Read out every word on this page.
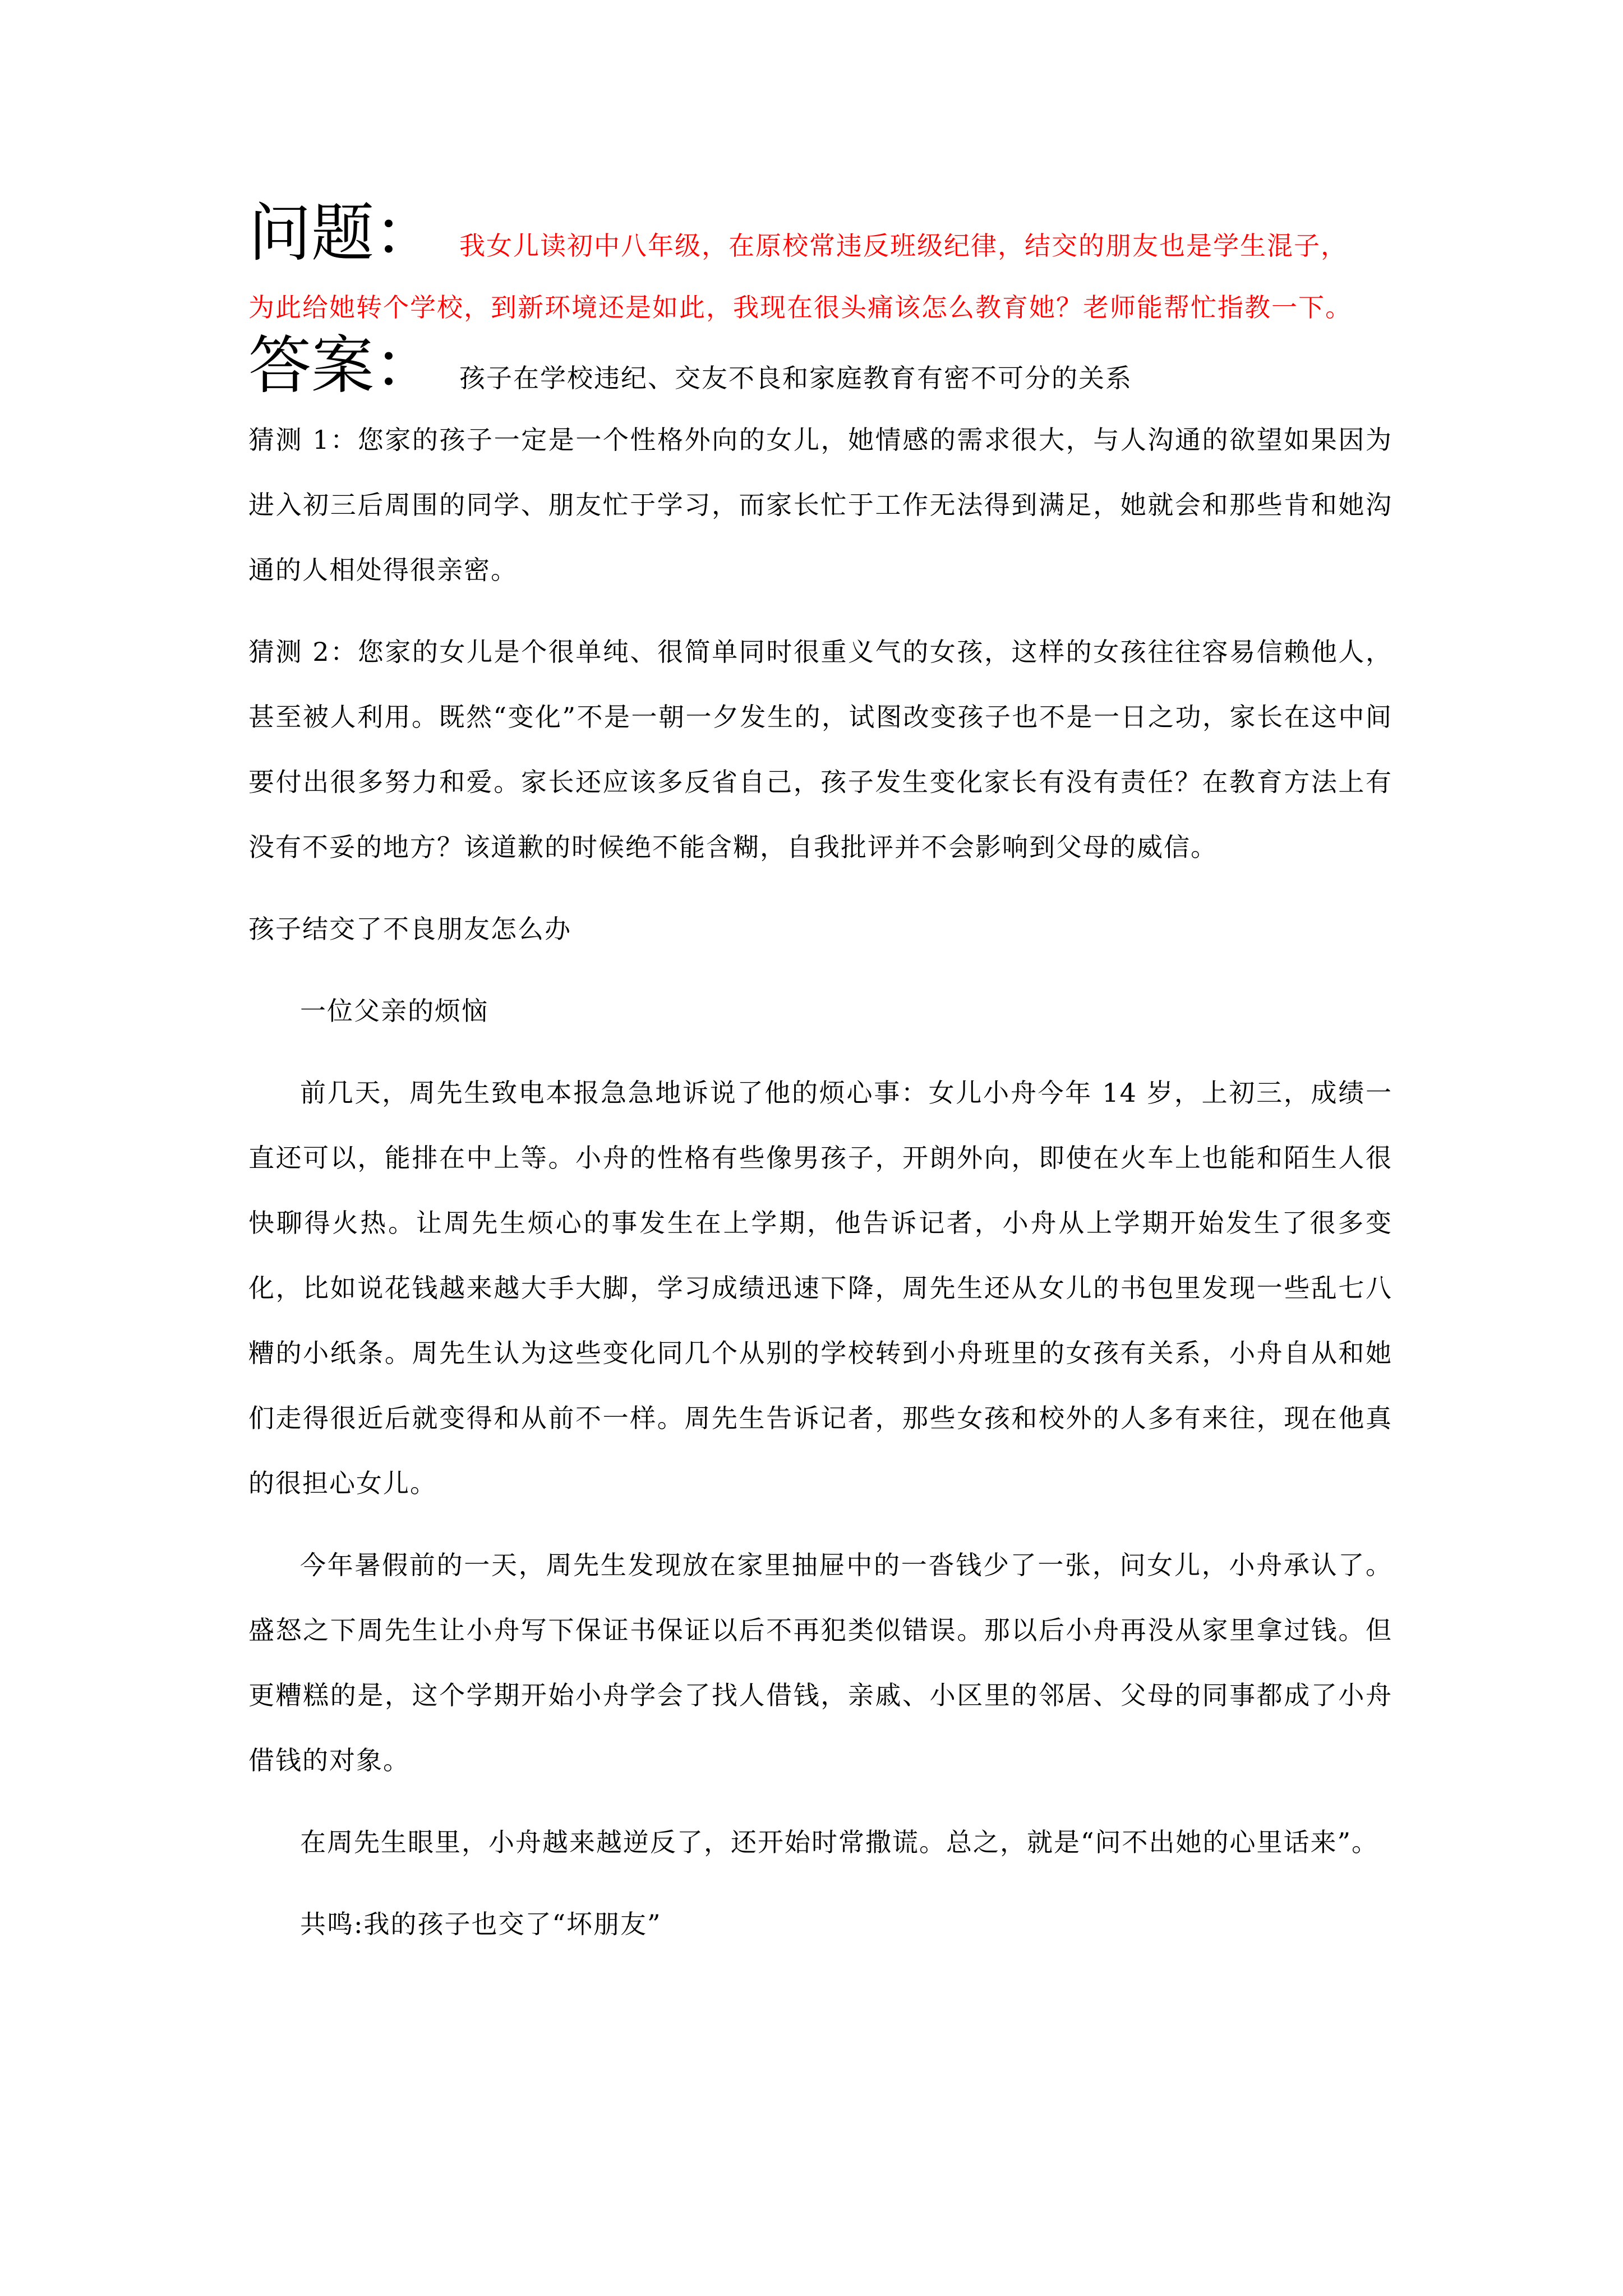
问题： 我女儿读初中八年级，在原校常违反班级纪律，结交的朋友也是学生混子，
为此给她转个学校，到新环境还是如此，我现在很头痛该怎么教育她？老师能帮忙指教一下。
答案： 孩子在学校违纪、交友不良和家庭教育有密不可分的关系

猜测 1：您家的孩子一定是一个性格外向的女儿，她情感的需求很大，与人沟通的欲望如果因为进入初三后周围的同学、朋友忙于学习，而家长忙于工作无法得到满足，她就会和那些肯和她沟通的人相处得很亲密。

猜测 2：您家的女儿是个很单纯、很简单同时很重义气的女孩，这样的女孩往往容易信赖他人，甚至被人利用。既然“变化”不是一朝一夕发生的，试图改变孩子也不是一日之功，家长在这中间要付出很多努力和爱。家长还应该多反省自己，孩子发生变化家长有没有责任？在教育方法上有没有不妥的地方？该道歉的时候绝不能含糊，自我批评并不会影响到父母的威信。

孩子结交了不良朋友怎么办

一位父亲的烦恼

前几天，周先生致电本报急急地诉说了他的烦心事：女儿小舟今年 14 岁，上初三，成绩一直还可以，能排在中上等。小舟的性格有些像男孩子，开朗外向，即使在火车上也能和陌生人很快聊得火热。让周先生烦心的事发生在上学期，他告诉记者，小舟从上学期开始发生了很多变化，比如说花钱越来越大手大脚，学习成绩迅速下降，周先生还从女儿的书包里发现一些乱七八糟的小纸条。周先生认为这些变化同几个从别的学校转到小舟班里的女孩有关系，小舟自从和她们走得很近后就变得和从前不一样。周先生告诉记者，那些女孩和校外的人多有来往，现在他真的很担心女儿。

今年暑假前的一天，周先生发现放在家里抽屉中的一沓钱少了一张，问女儿，小舟承认了。盛怒之下周先生让小舟写下保证书保证以后不再犯类似错误。那以后小舟再没从家里拿过钱。但更糟糕的是，这个学期开始小舟学会了找人借钱，亲戚、小区里的邻居、父母的同事都成了小舟借钱的对象。

在周先生眼里，小舟越来越逆反了，还开始时常撒谎。总之，就是“问不出她的心里话来”。

共鸣:我的孩子也交了“坏朋友”
